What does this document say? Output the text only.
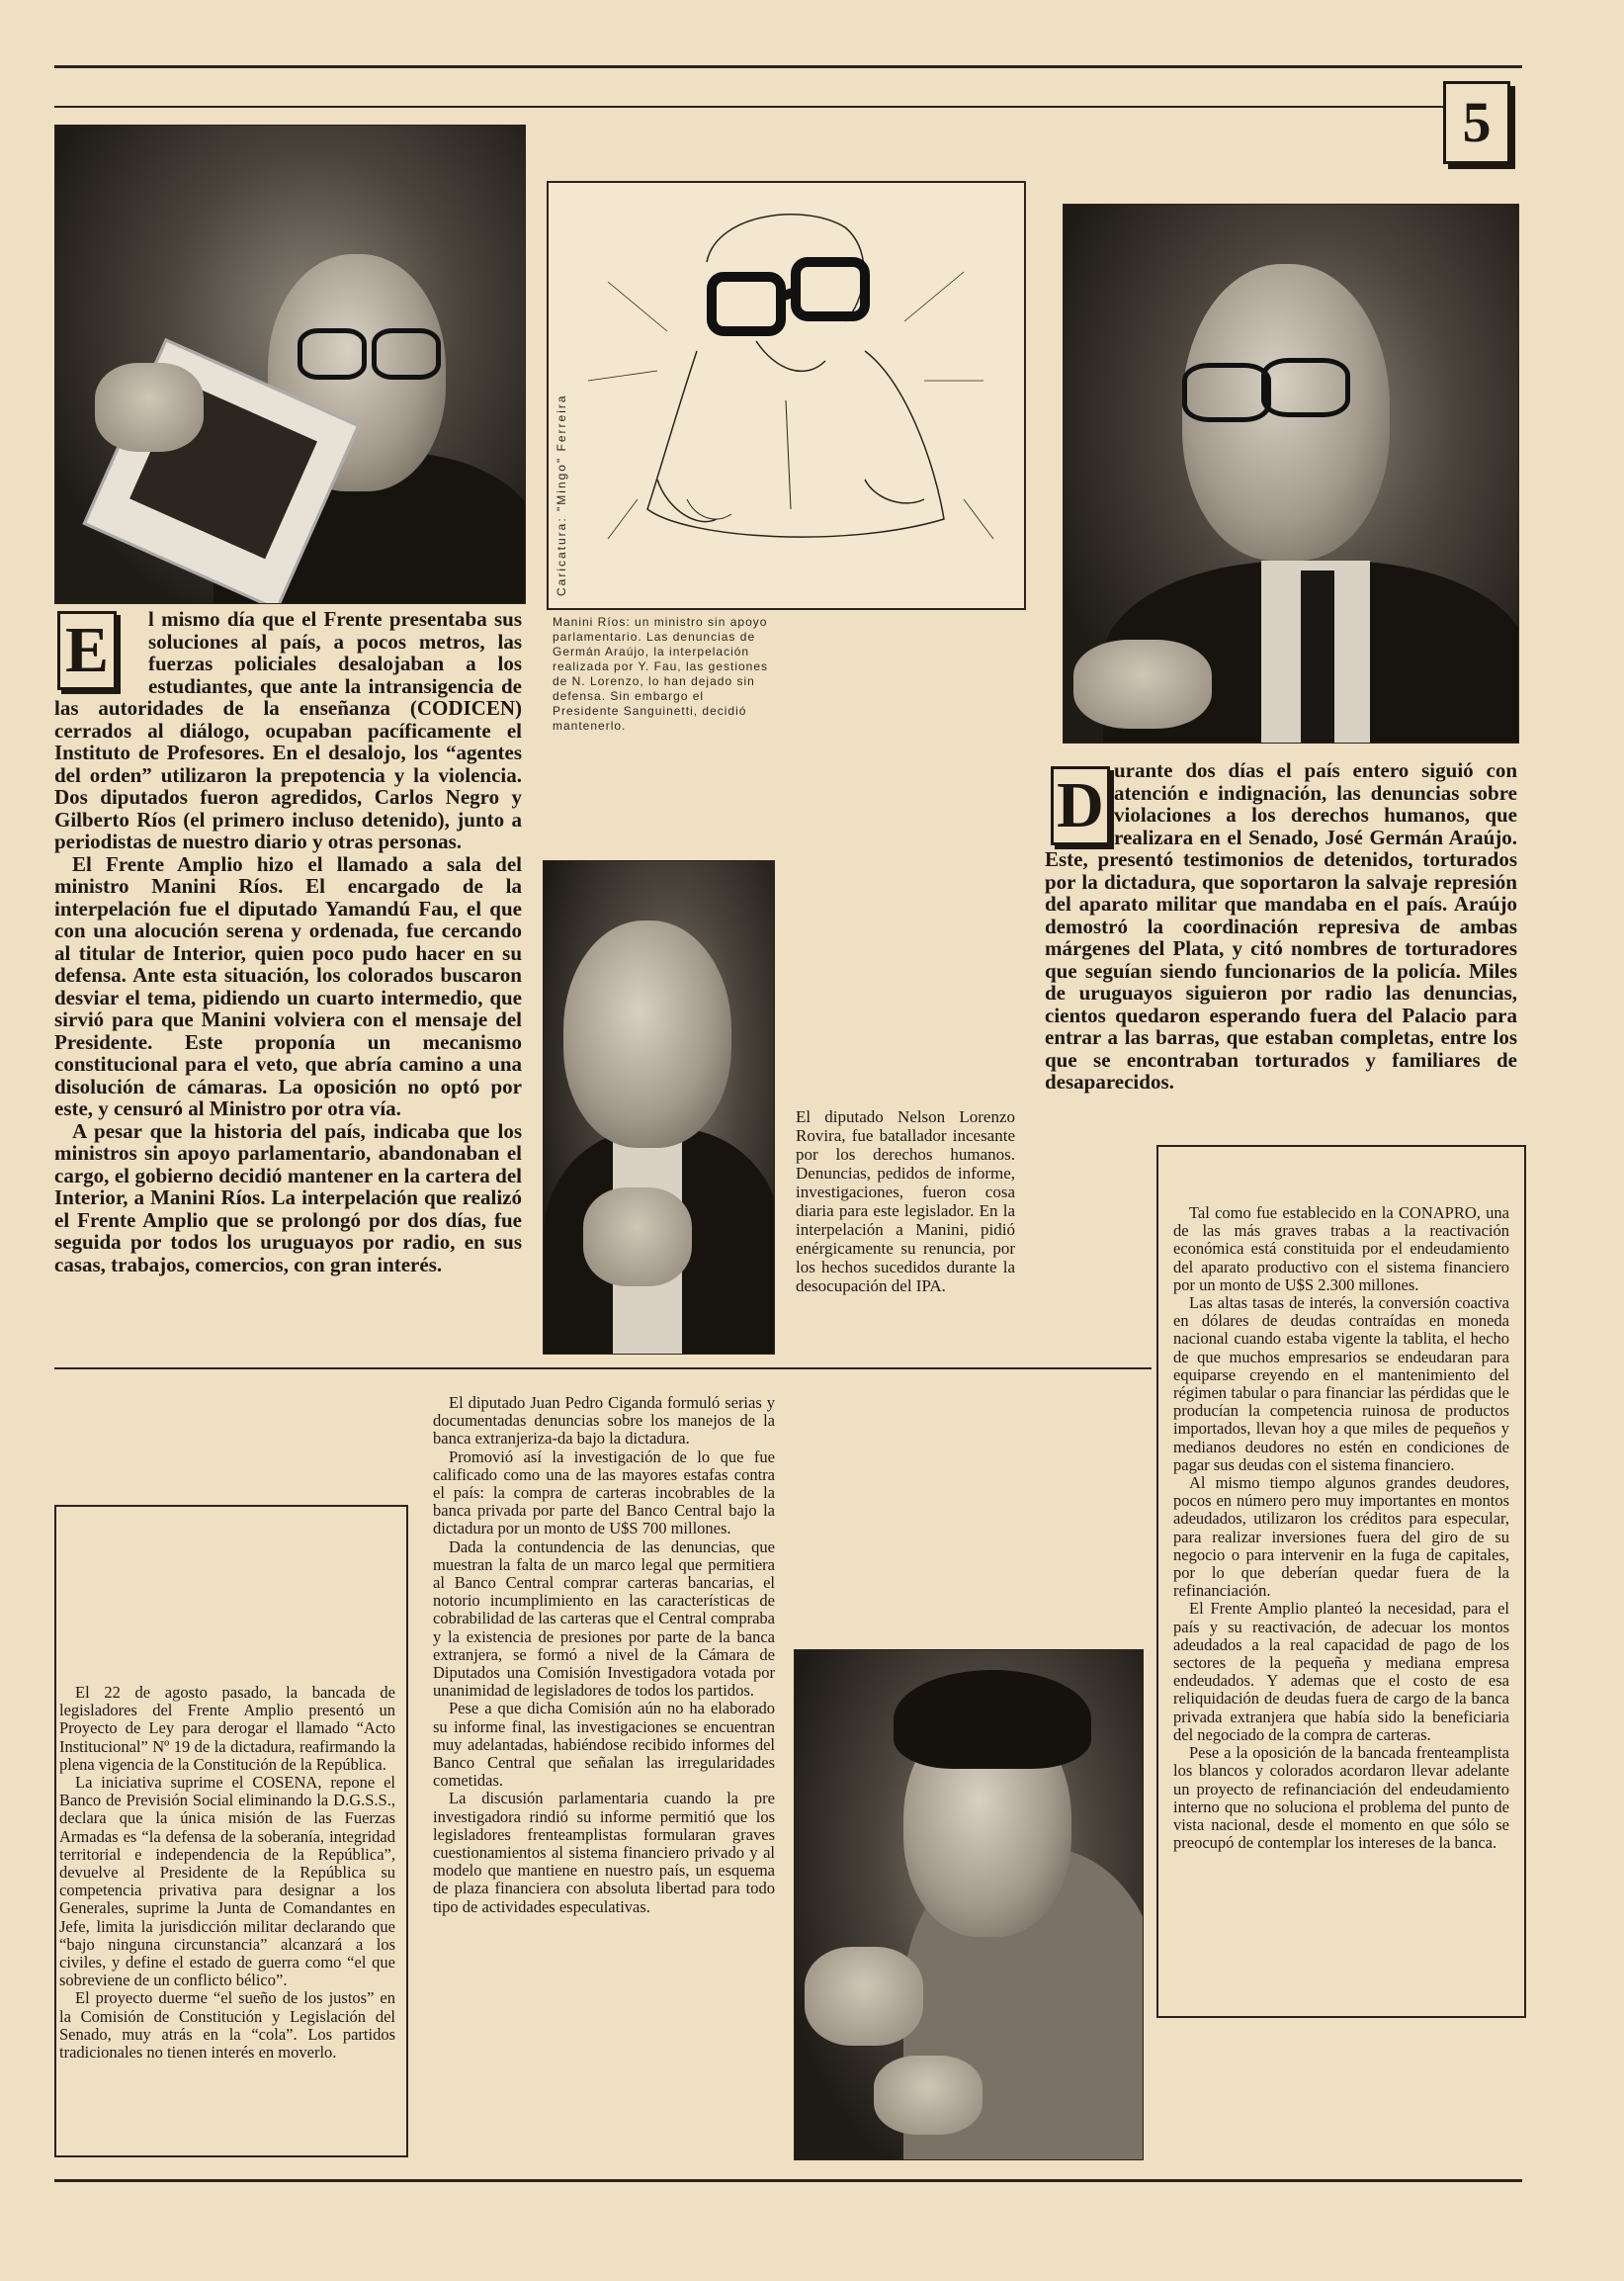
5
Caricatura: "Mingo" Ferreira

Manini Ríos: un ministro sin apoyo parlamentario. Las denuncias de Germán Araújo, la interpelación realizada por Y. Fau, las gestiones de N. Lorenzo, lo han dejado sin defensa. Sin embargo el Presidente Sanguinetti, decidió mantenerlo.

E	l mismo día que el Frente presentaba sus soluciones al país, a pocos metros, las fuerzas policiales desalojaban a los estudiantes, que ante la intransigencia de las autoridades de la enseñanza (CODICEN) cerrados al diálogo, ocupaban pacíficamente el Instituto de Profesores. En el desalojo, los “agentes del orden” utilizaron la prepotencia y la violencia. Dos diputados fueron agredidos, Carlos Negro y Gilberto Ríos (el primero incluso detenido), junto a periodistas de nuestro diario y otras personas.

El Frente Amplio hizo el llamado a sala del ministro Manini Ríos. El encargado de la interpelación fue el diputado Yamandú Fau, el que con una alocución serena y ordenada, fue cercando al titular de Interior, quien poco pudo hacer en su defensa. Ante esta situación, los colorados buscaron desviar el tema, pidiendo un cuarto intermedio, que sirvió para que Manini volviera con el mensaje del Presidente. Este proponía un mecanismo constitucional para el veto, que abría camino a una disolución de cámaras. La oposición no optó por este, y censuró al Ministro por otra vía.

A pesar que la historia del país, indicaba que los ministros sin apoyo parlamentario, abandonaban el cargo, el gobierno decidió mantener en la cartera del Interior, a Manini Ríos. La interpelación que realizó el Frente Amplio que se prolongó por dos días, fue seguida por todos los uruguayos por radio, en sus casas, trabajos, comercios, con gran interés.

El diputado Nelson Lorenzo Rovira, fue batallador incesante por los derechos humanos. Denuncias, pedidos de informe, investigaciones, fueron cosa diaria para este legislador. En la interpelación a Manini, pidió enérgicamente su renuncia, por los hechos sucedidos durante la desocupación del IPA.

D urante dos días el país entero siguió con atención e indignación, las denuncias sobre violaciones a los derechos humanos, que realizara en el Senado, José Germán Araújo. Este, presentó testimonios de detenidos, torturados por la dictadura, que soportaron la salvaje represión del aparato militar que mandaba en el país. Araújo demostró la coordinación represiva de ambas márgenes del Plata, y citó nombres de torturadores que seguían siendo funcionarios de la policía. Miles de uruguayos siguieron por radio las denuncias, cientos quedaron esperando fuera del Palacio para entrar a las barras, que estaban completas, entre los que se encontraban torturados y familiares de desaparecidos.

Tal como fue establecido en la CONAPRO, una de las más graves trabas a la reactivación económica está constituida por el endeudamiento del aparato productivo con el sistema financiero por un monto de U$S 2.300 millones.

Las altas tasas de interés, la conversión coactiva en dólares de deudas contraídas en moneda nacional cuando estaba vigente la tablita, el hecho de que muchos empresarios se endeudaran para equiparse creyendo en el mantenimiento del régimen tabular o para financiar las pérdidas que le producían la competencia ruinosa de productos importados, llevan hoy a que miles de pequeños y medianos deudores no estén en condiciones de pagar sus deudas con el sistema financiero.

Al mismo tiempo algunos grandes deudores, pocos en número pero muy importantes en montos adeudados, utilizaron los créditos para especular, para realizar inversiones fuera del giro de su negocio o para intervenir en la fuga de capitales, por lo que deberían quedar fuera de la refinanciación.

El Frente Amplio planteó la necesidad, para el país y su reactivación, de adecuar los montos adeudados a la real capacidad de pago de los sectores de la pequeña y mediana empresa endeudados. Y ademas que el costo de esa reliquidación de deudas fuera de cargo de la banca privada extranjera que había sido la beneficiaria del negociado de la compra de carteras.

Pese a la oposición de la bancada frenteamplista los blancos y colorados acordaron llevar adelante un proyecto de refinanciación del endeudamiento interno que no soluciona el problema del punto de vista nacional, desde el momento en que sólo se preocupó de contemplar los intereses de la banca.

El 22 de agosto pasado, la bancada de legisladores del Frente Amplio presentó un Proyecto de Ley para derogar el llamado “Acto Institucional” Nº 19 de la dictadura, reafirmando la plena vigencia de la Constitución de la República.

La iniciativa suprime el COSENA, repone el Banco de Previsión Social eliminando la D.G.S.S., declara que la única misión de las Fuerzas Armadas es “la defensa de la soberanía, integridad territorial e independencia de la República”, devuelve al Presidente de la República su competencia privativa para designar a los Generales, suprime la Junta de Comandantes en Jefe, limita la jurisdicción militar declarando que “bajo ninguna circunstancia” alcanzará a los civiles, y define el estado de guerra como “el que sobreviene de un conflicto bélico”.

El proyecto duerme “el sueño de los justos” en la Comisión de Constitución y Legislación del Senado, muy atrás en la “cola”. Los partidos tradicionales no tienen interés en moverlo.

El diputado Juan Pedro Ciganda formuló serias y documentadas denuncias sobre los manejos de la banca extranjeriza-da bajo la dictadura.

Promovió así la investigación de lo que fue calificado como una de las mayores estafas contra el país: la compra de carteras incobrables de la banca privada por parte del Banco Central bajo la dictadura por un monto de U$S 700 millones.

Dada la contundencia de las denuncias, que muestran la falta de un marco legal que permitiera al Banco Central comprar carteras bancarias, el notorio incumplimiento en las características de cobrabilidad de las carteras que el Central compraba y la existencia de presiones por parte de la banca extranjera, se formó a nivel de la Cámara de Diputados una Comisión Investigadora votada por unanimidad de legisladores de todos los partidos.

Pese a que dicha Comisión aún no ha elaborado su informe final, las investigaciones se encuentran muy adelantadas, habiéndose recibido informes del Banco Central que señalan las irregularidades cometidas.

La discusión parlamentaria cuando la pre investigadora rindió su informe permitió que los legisladores frenteamplistas formularan graves cuestionamientos al sistema financiero privado y al modelo que mantiene en nuestro país, un esquema de plaza financiera con absoluta libertad para todo tipo de actividades especulativas.
